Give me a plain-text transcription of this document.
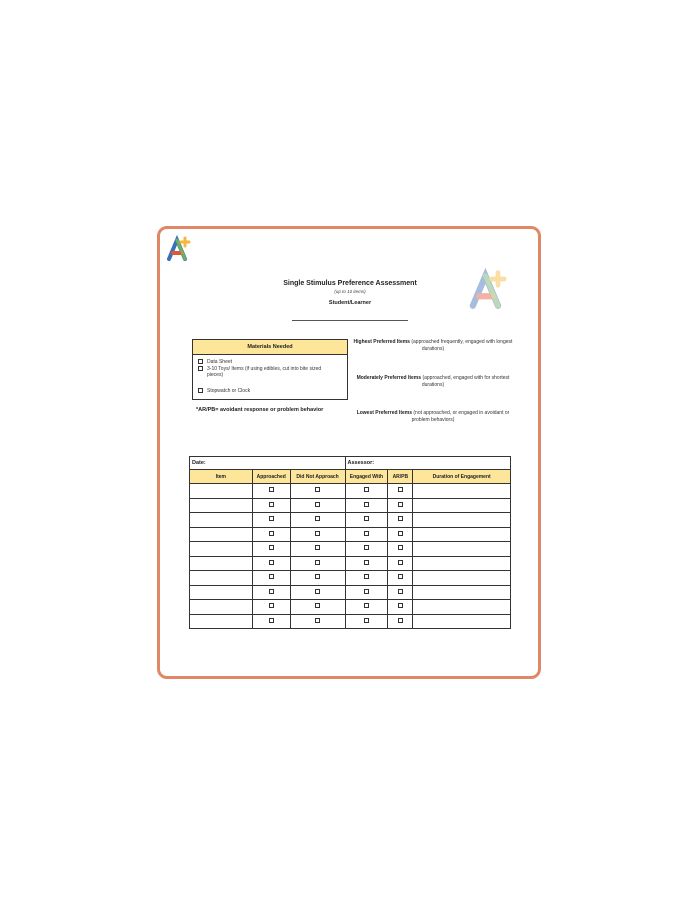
Single Stimulus Preference Assessment
(up to 10 items)
Student/Learner
Materials Needed
Data Sheet
3-10 Toys/ Items (if using edibles, cut into bite sized pieces)
Stopwatch or Clock
*AR/PB= avoidant response or problem behavior
Highest Preferred Items (approached frequently, engaged with longest durations)
Moderately Preferred Items (approached, engaged with for shortest durations)
Lowest Preferred Items (not approached, or engaged in avoidant or problem behaviors)
Date:			Assessor:		
Item	Approached	Did Not Approach	Engaged With	AR/PB	Duration of Engagement
